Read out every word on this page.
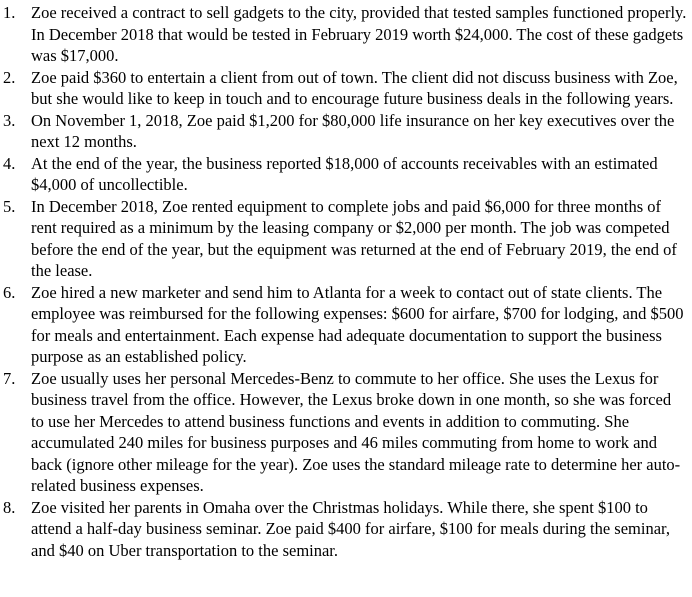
1. Zoe received a contract to sell gadgets to the city, provided that tested samples functioned properly. In December 2018 that would be tested in February 2019 worth $24,000. The cost of these gadgets was $17,000.
2. Zoe paid $360 to entertain a client from out of town. The client did not discuss business with Zoe, but she would like to keep in touch and to encourage future business deals in the following years.
3. On November 1, 2018, Zoe paid $1,200 for $80,000 life insurance on her key executives over the next 12 months.
4. At the end of the year, the business reported $18,000 of accounts receivables with an estimated $4,000 of uncollectible.
5. In December 2018, Zoe rented equipment to complete jobs and paid $6,000 for three months of rent required as a minimum by the leasing company or $2,000 per month. The job was competed before the end of the year, but the equipment was returned at the end of February 2019, the end of the lease.
6. Zoe hired a new marketer and send him to Atlanta for a week to contact out of state clients. The employee was reimbursed for the following expenses: $600 for airfare, $700 for lodging, and $500 for meals and entertainment. Each expense had adequate documentation to support the business purpose as an established policy.
7. Zoe usually uses her personal Mercedes-Benz to commute to her office. She uses the Lexus for business travel from the office. However, the Lexus broke down in one month, so she was forced to use her Mercedes to attend business functions and events in addition to commuting. She accumulated 240 miles for business purposes and 46 miles commuting from home to work and back (ignore other mileage for the year). Zoe uses the standard mileage rate to determine her auto-related business expenses.
8. Zoe visited her parents in Omaha over the Christmas holidays. While there, she spent $100 to attend a half-day business seminar. Zoe paid $400 for airfare, $100 for meals during the seminar, and $40 on Uber transportation to the seminar.
